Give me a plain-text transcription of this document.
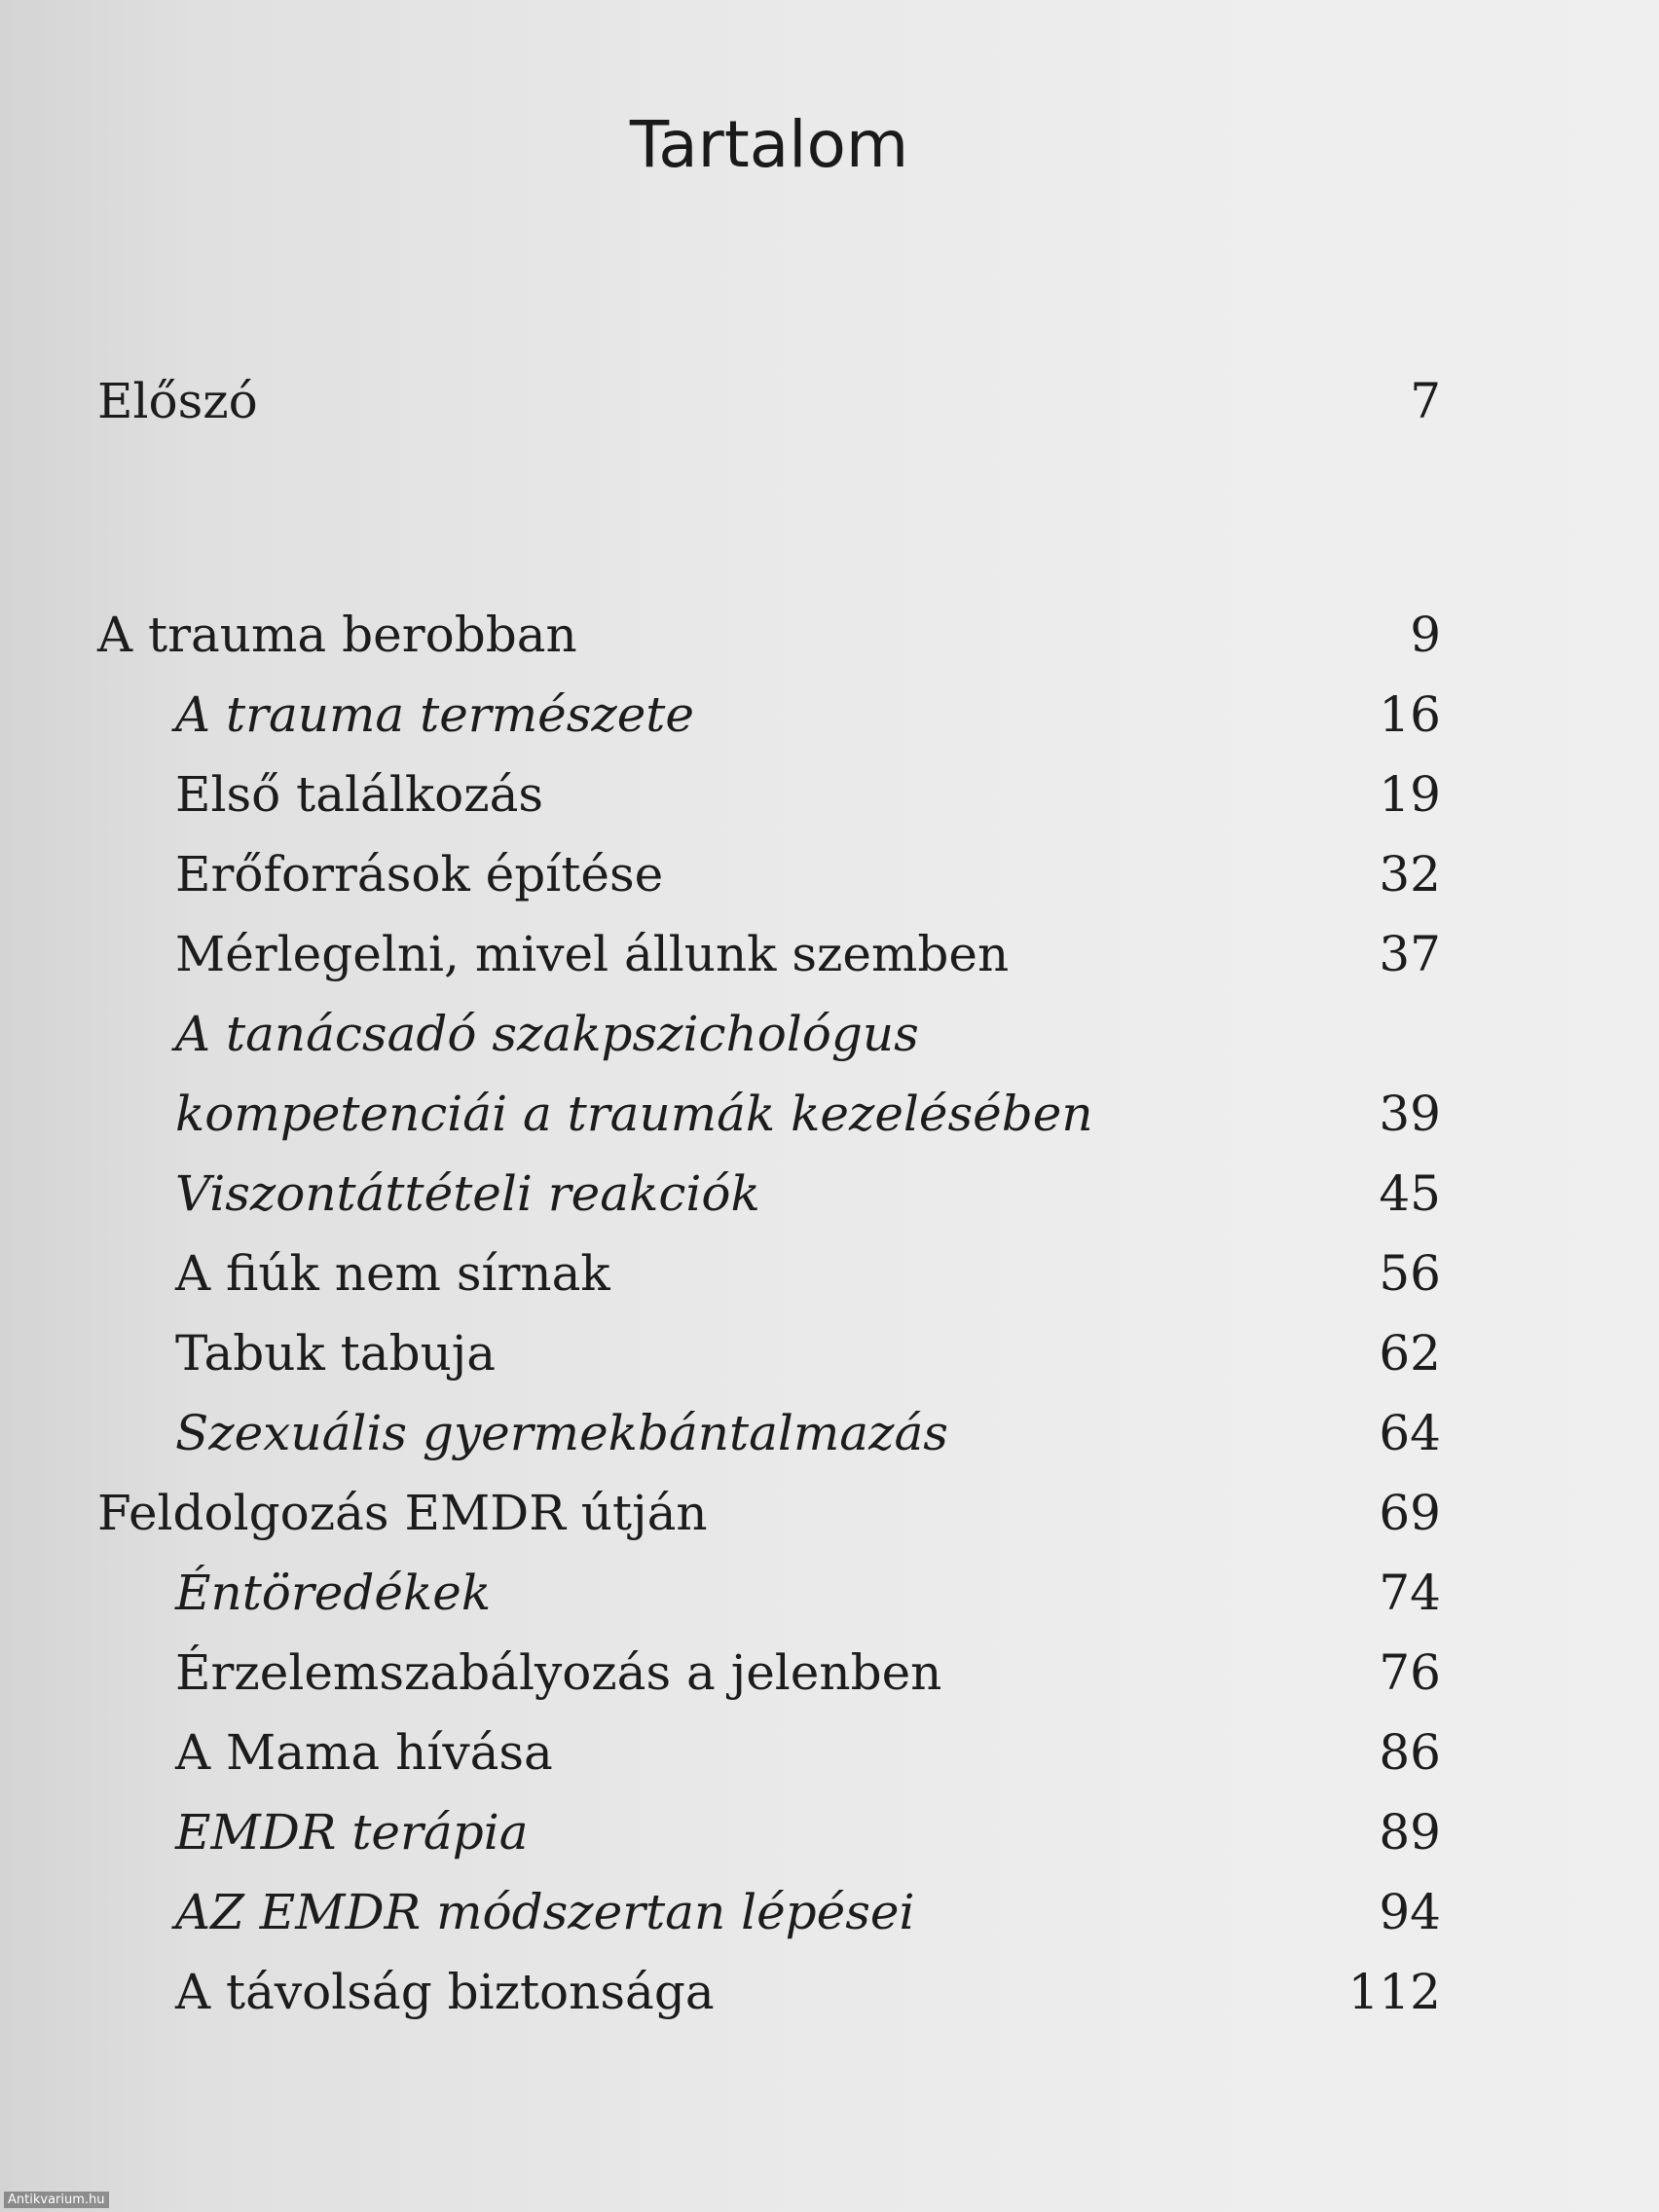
Tartalom
Előszó	7
A trauma berobban	9
A trauma természete	16
Első találkozás	19
Erőforrások építése	32
Mérlegelni, mivel állunk szemben	37
A tanácsadó szakpszichológus
kompetenciái a traumák kezelésében	39
Viszontáttételi reakciók	45
A fiúk nem sírnak	56
Tabuk tabuja	62
Szexuális gyermekbántalmazás	64
Feldolgozás EMDR útján	69
Éntöredékek	74
Érzelemszabályozás a jelenben	76
A Mama hívása	86
EMDR terápia	89
AZ EMDR módszertan lépései	94
A távolság biztonsága	112
Antikvarium.hu
